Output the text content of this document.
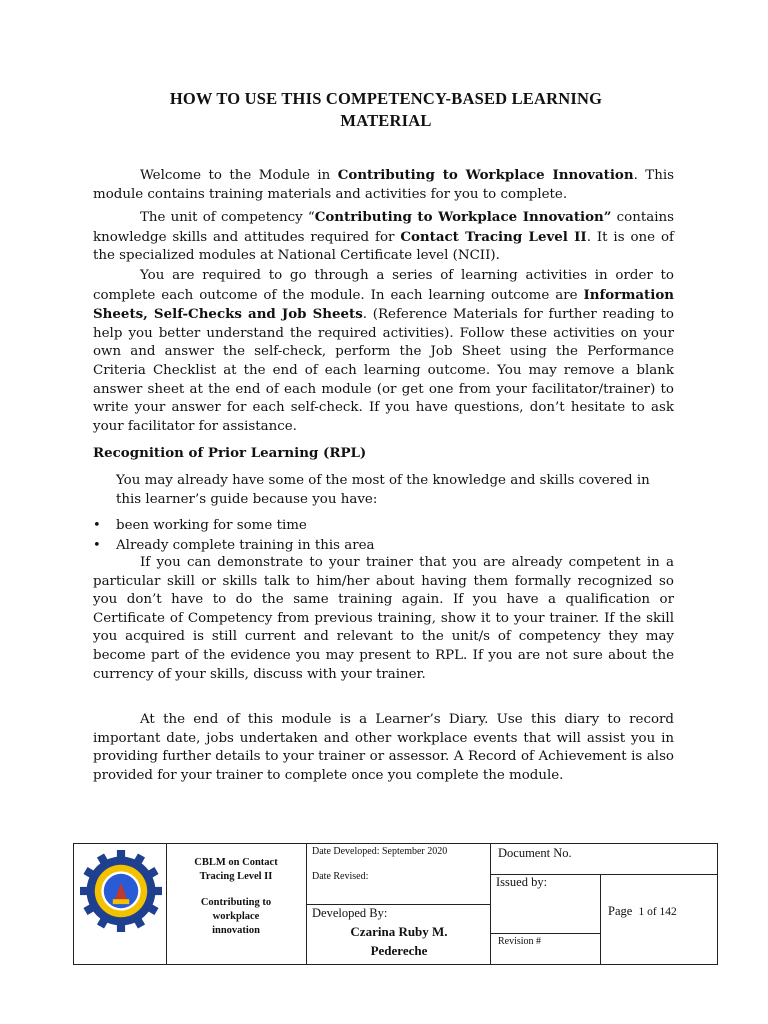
HOW TO USE THIS COMPETENCY-BASED LEARNING
MATERIAL
Welcome to the Module in Contributing to Workplace Innovation. This module contains training materials and activities for you to complete.
The unit of competency “Contributing to Workplace Innovation” contains knowledge skills and attitudes required for Contact Tracing Level II. It is one of the specialized modules at National Certificate level (NCII).
You are required to go through a series of learning activities in order to complete each outcome of the module. In each learning outcome are Information Sheets, Self-Checks and Job Sheets. (Reference Materials for further reading to help you better understand the required activities). Follow these activities on your own and answer the self-check, perform the Job Sheet using the Performance Criteria Checklist at the end of each learning outcome. You may remove a blank answer sheet at the end of each module (or get one from your facilitator/trainer) to write your answer for each self-check. If you have questions, don’t hesitate to ask your facilitator for assistance.
Recognition of Prior Learning (RPL)
You may already have some of the most of the knowledge and skills covered in this learner’s guide because you have:
• been working for some time
• Already complete training in this area
If you can demonstrate to your trainer that you are already competent in a particular skill or skills talk to him/her about having them formally recognized so you don’t have to do the same training again. If you have a qualification or Certificate of Competency from previous training, show it to your trainer. If the skill you acquired is still current and relevant to the unit/s of competency they may become part of the evidence you may present to RPL. If you are not sure about the currency of your skills, discuss with your trainer.
At the end of this module is a Learner’s Diary. Use this diary to record important date, jobs undertaken and other workplace events that will assist you in providing further details to your trainer or assessor. A Record of Achievement is also provided for your trainer to complete once you complete the module.
CBLM on Contact
Tracing Level II
Contributing to
workplace
innovation
Date Developed: September 2020
Date Revised:
Developed By:
Czarina Ruby M.
Pedereche
Document No.
Issued by:
Revision #
Page 1 of 142
